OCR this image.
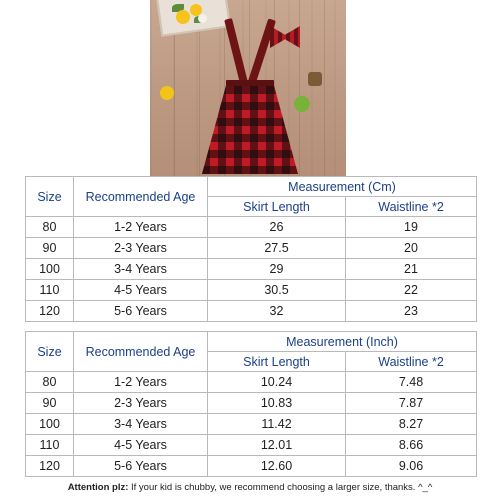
Size	Recommended Age	Measurement (Cm)	
		Skirt Length	Waistline *2
80	1-2 Years	26	19
90	2-3 Years	27.5	20
100	3-4 Years	29	21
110	4-5 Years	30.5	22
120	5-6 Years	32	23
Size	Recommended Age	Measurement (Inch)	
		Skirt Length	Waistline *2
80	1-2 Years	10.24	7.48
90	2-3 Years	10.83	7.87
100	3-4 Years	11.42	8.27
110	4-5 Years	12.01	8.66
120	5-6 Years	12.60	9.06
Attention plz: If your kid is chubby, we recommend choosing a larger size, thanks. ^_^
